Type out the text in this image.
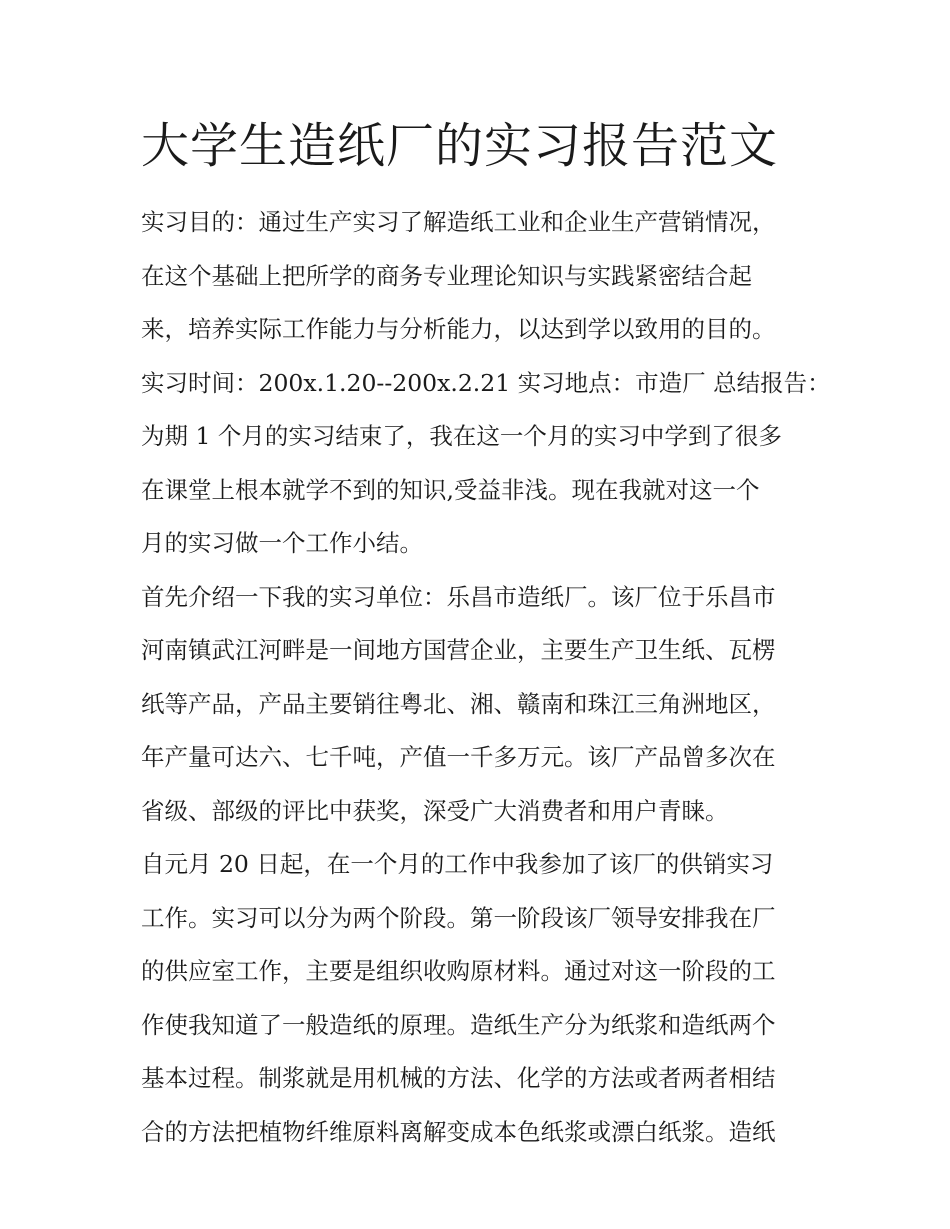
大学生造纸厂的实习报告范文

实习目的：通过生产实习了解造纸工业和企业生产营销情况，

在这个基础上把所学的商务专业理论知识与实践紧密结合起

来，培养实际工作能力与分析能力，以达到学以致用的目的。

实习时间：200x.1.20--200x.2.21 实习地点：市造厂 总结报告：

为期 1 个月的实习结束了，我在这一个月的实习中学到了很多

在课堂上根本就学不到的知识,受益非浅。现在我就对这一个

月的实习做一个工作小结。

首先介绍一下我的实习单位：乐昌市造纸厂。该厂位于乐昌市

河南镇武江河畔是一间地方国营企业，主要生产卫生纸、瓦楞

纸等产品，产品主要销往粤北、湘、赣南和珠江三角洲地区，

年产量可达六、七千吨，产值一千多万元。该厂产品曾多次在

省级、部级的评比中获奖，深受广大消费者和用户青睐。

自元月 20 日起，在一个月的工作中我参加了该厂的供销实习

工作。实习可以分为两个阶段。第一阶段该厂领导安排我在厂

的供应室工作，主要是组织收购原材料。通过对这一阶段的工

作使我知道了一般造纸的原理。造纸生产分为纸浆和造纸两个

基本过程。制浆就是用机械的方法、化学的方法或者两者相结

合的方法把植物纤维原料离解变成本色纸浆或漂白纸浆。造纸
